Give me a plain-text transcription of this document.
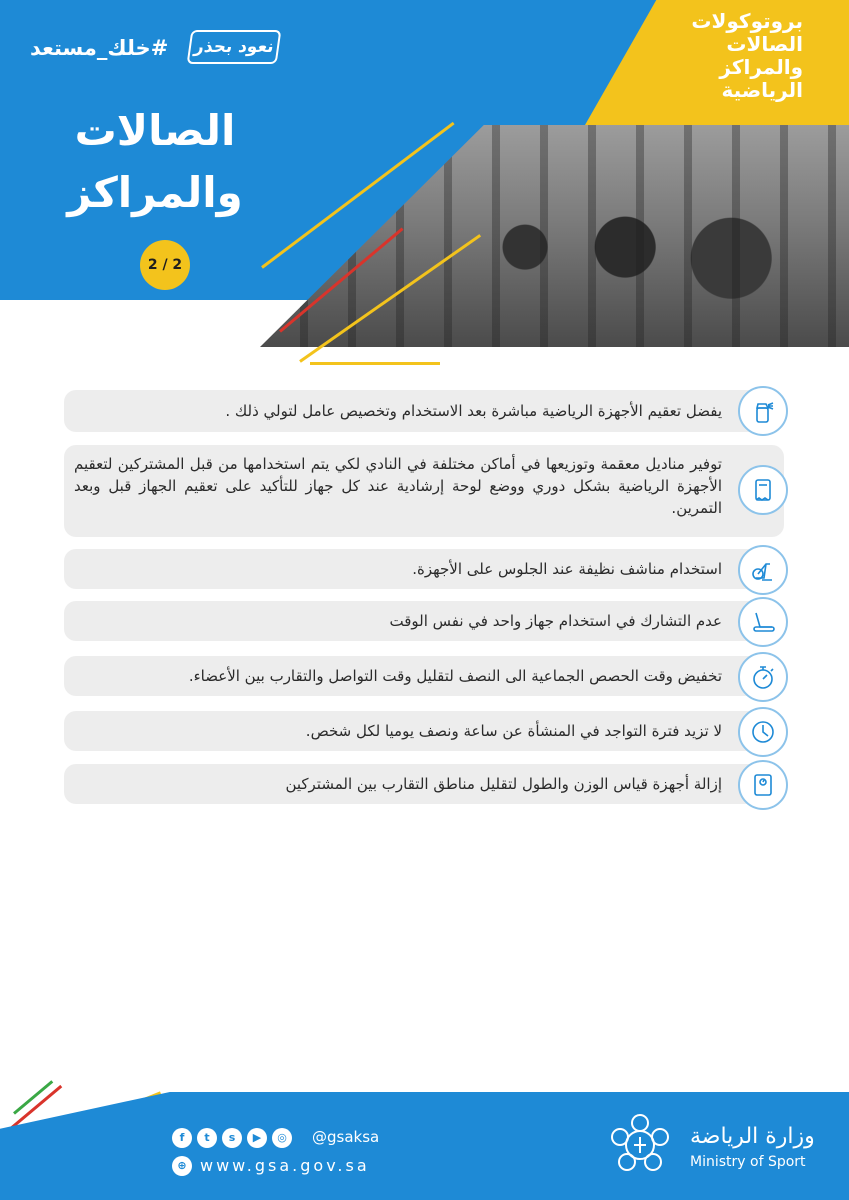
بروتوكولات
الصالات
والمراكز
الرياضية
#خلك_مستعد	نعود بحذر
الصالات
والمراكز
2 / 2
يفضل تعقيم الأجهزة الرياضية مباشرة بعد الاستخدام وتخصيص عامل لتولي ذلك .
توفير مناديل معقمة وتوزيعها في أماكن مختلفة في النادي لكي يتم استخدامها من قبل المشتركين لتعقيم الأجهزة الرياضية بشكل دوري ووضع لوحة إرشادية عند كل جهاز للتأكيد على تعقيم الجهاز قبل وبعد التمرين.
استخدام مناشف نظيفة عند الجلوس على الأجهزة.
عدم التشارك في استخدام جهاز واحد في نفس الوقت
تخفيض وقت الحصص الجماعية الى النصف لتقليل وقت التواصل والتقارب بين الأعضاء.
لا تزيد فترة التواجد في المنشأة عن ساعة ونصف يوميا لكل شخص.
إزالة أجهزة قياس الوزن والطول لتقليل مناطق التقارب بين المشتركين
f	t	s	▶	◎	@gsaksa
⊕ www.gsa.gov.sa
وزارة الرياضة
Ministry of Sport
